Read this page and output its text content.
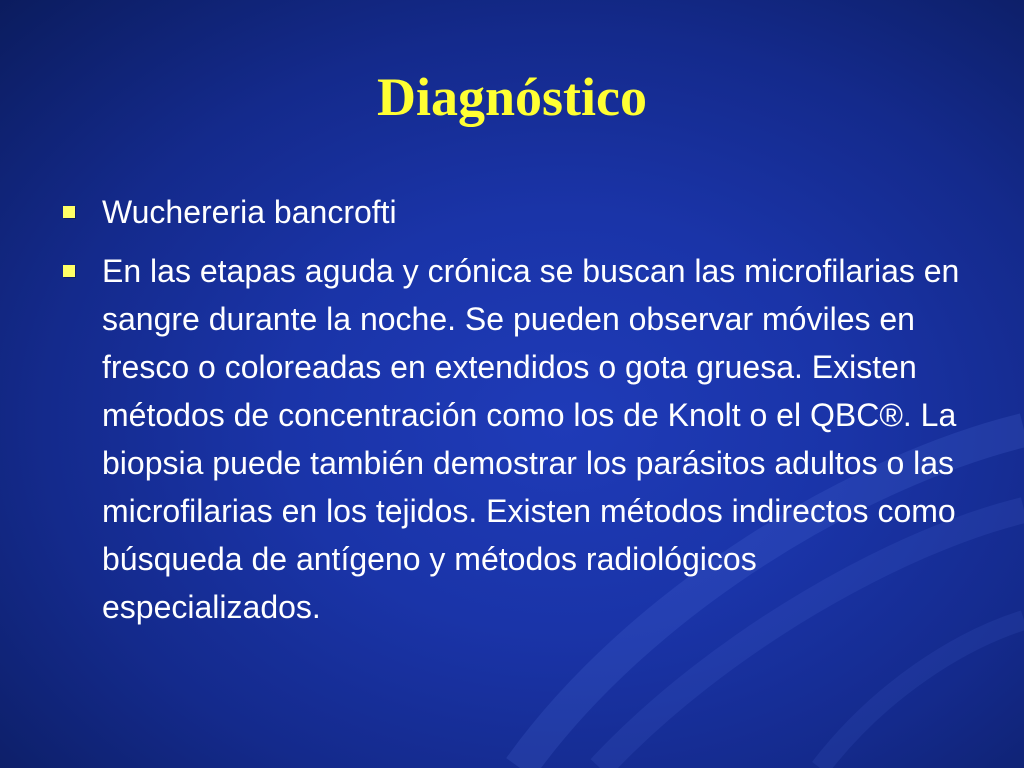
Diagnóstico
Wuchereria bancrofti
En las etapas aguda y crónica se buscan las microfilarias en sangre durante la noche. Se pueden observar móviles en fresco o coloreadas en extendidos o gota gruesa. Existen métodos de concentración como los de Knolt o el QBC®. La biopsia puede también demostrar los parásitos adultos o las microfilarias en los tejidos. Existen métodos indirectos como búsqueda de antígeno y métodos radiológicos especializados.
